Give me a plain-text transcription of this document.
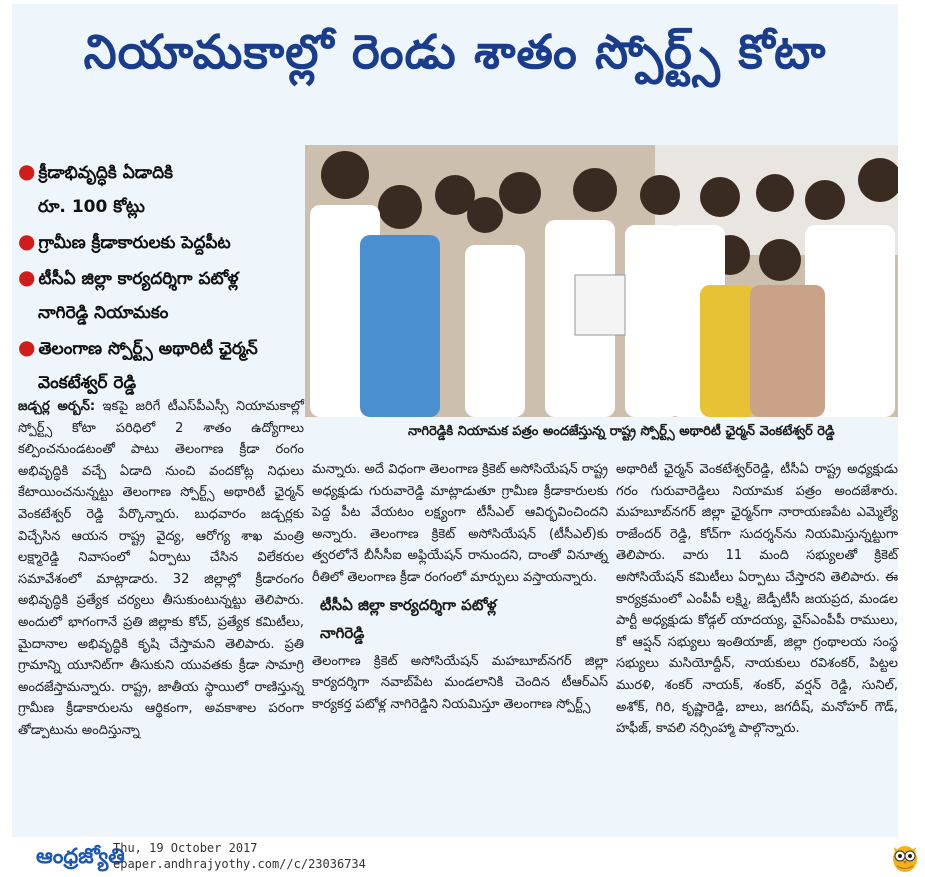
నియామకాల్లో రెండు శాతం స్పోర్ట్స్‌ కోటా
● క్రీడాభివృద్ధికి ఏడాదికి
రూ. 100 కోట్లు
● గ్రామీణ క్రీడాకారులకు పెద్దపీట
● టీసీఏ జిల్లా కార్యదర్శిగా పటోళ్ల
నాగిరెడ్డి నియామకం
● తెలంగాణ స్పోర్ట్స్‌ అథారిటీ ఛైర్మన్‌
వెంకటేశ్వర్‌ రెడ్డి
నాగిరెడ్డికి నియామక పత్రం అందజేస్తున్న రాష్ట్ర స్పోర్ట్స్‌ అథారిటీ ఛైర్మన్‌ వెంకటేశ్వర్‌ రెడ్డి
జడ్చర్ల అర్బన్‌: ఇకపై జరిగే టీఎస్‌పీఎస్సీ నియామకాల్లో స్పోర్ట్స్‌ కోటా పరిధిలో 2 శాతం ఉద్యోగాలు కల్పించనుండటంతో పాటు తెలంగాణ క్రీడా రంగం అభివృద్ధికి వచ్చే ఏడాది నుంచి వందకోట్ల నిధులు కేటాయించనున్నట్టు తెలంగాణ స్పోర్ట్స్‌ అథారిటీ ఛైర్మన్‌ వెంకటేశ్వర్‌ రెడ్డి పేర్కొన్నారు. బుధవారం జడ్చర్లకు విచ్చేసిన ఆయన రాష్ట్ర వైద్య, ఆరోగ్య శాఖ మంత్రి లక్ష్మారెడ్డి నివాసంలో ఏర్పాటు చేసిన విలేకరుల సమావేశంలో మాట్లాడారు. 32 జిల్లాల్లో క్రీడారంగం అభివృద్ధికి ప్రత్యేక చర్యలు తీసుకుంటున్నట్టు తెలిపారు. అందులో భాగంగానే ప్రతి జిల్లాకు కోచ్‌, ప్రత్యేక కమిటీలు, మైదానాల అభివృద్ధికి కృషి చేస్తామని తెలిపారు. ప్రతి గ్రామాన్ని యూనిట్‌గా తీసుకుని యువతకు క్రీడా సామాగ్రి అందజేస్తామన్నారు. రాష్ట్ర, జాతీయ స్థాయిలో రాణిస్తున్న గ్రామీణ క్రీడాకారులను ఆర్థికంగా, అవకాశాల పరంగా తోడ్పాటును అందిస్తున్నా
మన్నారు. అదే విధంగా తెలంగాణ క్రికెట్‌ అసోసియేషన్‌ రాష్ట్ర అధ్యక్షుడు గురువారెడ్డి మాట్లాడుతూ గ్రామీణ క్రీడాకారులకు పెద్ద పీట వేయటం లక్ష్యంగా టీసీఎల్‌ ఆవిర్భవించిందని అన్నారు. తెలంగాణ క్రికెట్‌ అసోసియేషన్‌ (టీసీఎల్‌)కు త్వరలోనే బీసీసీఐ అఫ్లియేషన్‌ రానుందని, దాంతో వినూత్న రీతిలో తెలంగాణ క్రీడా రంగంలో మార్పులు వస్తాయన్నారు.
టీసీఏ జిల్లా కార్యదర్శిగా పటోళ్ల
నాగిరెడ్డి
తెలంగాణ క్రికెట్‌ అసోసియేషన్‌ మహబూబ్‌నగర్‌ జిల్లా కార్యదర్శిగా నవాబ్‌పేట మండలానికి చెందిన టీఆర్‌ఎస్‌ కార్యకర్త పటోళ్ల నాగిరెడ్డిని నియమిస్తూ తెలంగాణ స్పోర్ట్స్‌
అథారిటీ ఛైర్మన్‌ వెంకటేశ్వర్‌రెడ్డి, టీసీఏ రాష్ట్ర అధ్యక్షుడు గరం గురువారెడ్డిలు నియామక పత్రం అందజేశారు. మహబూబ్‌నగర్‌ జిల్లా ఛైర్మన్‌గా నారాయణపేట ఎమ్మెల్యే రాజేందర్‌ రెడ్డి, కోచ్‌గా సుదర్శన్‌ను నియమిస్తున్నట్టుగా తెలిపారు. వారు 11 మంది సభ్యులతో క్రికెట్‌ అసోసియేషన్‌ కమిటీలు ఏర్పాటు చేస్తారని తెలిపారు. ఈ కార్యక్రమంలో ఎంపీపీ లక్ష్మి, జెడ్పీటీసీ జయప్రద, మండల పార్టీ అధ్యక్షుడు కోడ్గల్‌ యాదయ్య, వైస్‌ఎంపీపీ రాములు, కో ఆప్షన్‌ సభ్యులు ఇంతియాజ్‌, జిల్లా గ్రంథాలయ సంస్థ సభ్యులు మసియోద్దీన్‌, నాయకులు రవిశంకర్‌, పిట్టల మురళి, శంకర్‌ నాయక్‌, శంకర్‌, వర్షన్‌ రెడ్డి, సునిల్‌, అశోక్‌, గిరి, కృష్ణారెడ్డి, బాలు, జగదీష్‌, మనోహర్‌ గౌడ్‌, హఫీజ్‌, కావలి నర్సింహ్మా పాల్గొన్నారు.
ఆంధ్రజ్యోతి
Thu, 19 October 2017
epaper.andhrajyothy.com//c/23036734
